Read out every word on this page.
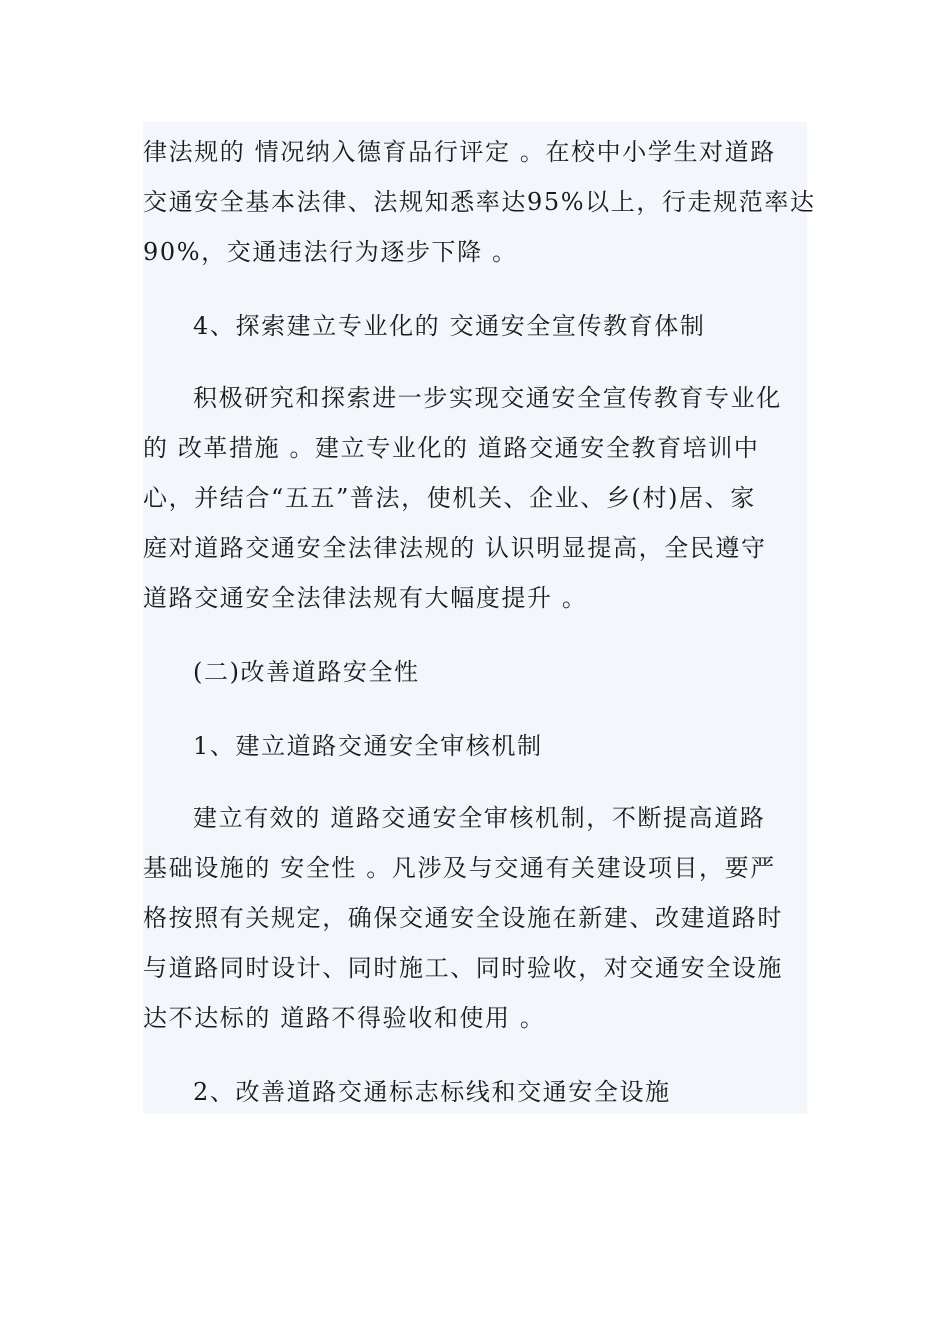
律法规的 情况纳入德育品行评定 。在校中小学生对道路
交通安全基本法律、法规知悉率达95%以上，行走规范率达
90%，交通违法行为逐步下降 。
4、探索建立专业化的 交通安全宣传教育体制
积极研究和探索进一步实现交通安全宣传教育专业化
的 改革措施 。建立专业化的 道路交通安全教育培训中
心，并结合“五五”普法，使机关、企业、乡(村)居、家
庭对道路交通安全法律法规的 认识明显提高，全民遵守
道路交通安全法律法规有大幅度提升 。
(二)改善道路安全性
1、建立道路交通安全审核机制
建立有效的 道路交通安全审核机制，不断提高道路
基础设施的 安全性 。凡涉及与交通有关建设项目，要严
格按照有关规定，确保交通安全设施在新建、改建道路时
与道路同时设计、同时施工、同时验收，对交通安全设施
达不达标的 道路不得验收和使用 。
2、改善道路交通标志标线和交通安全设施
